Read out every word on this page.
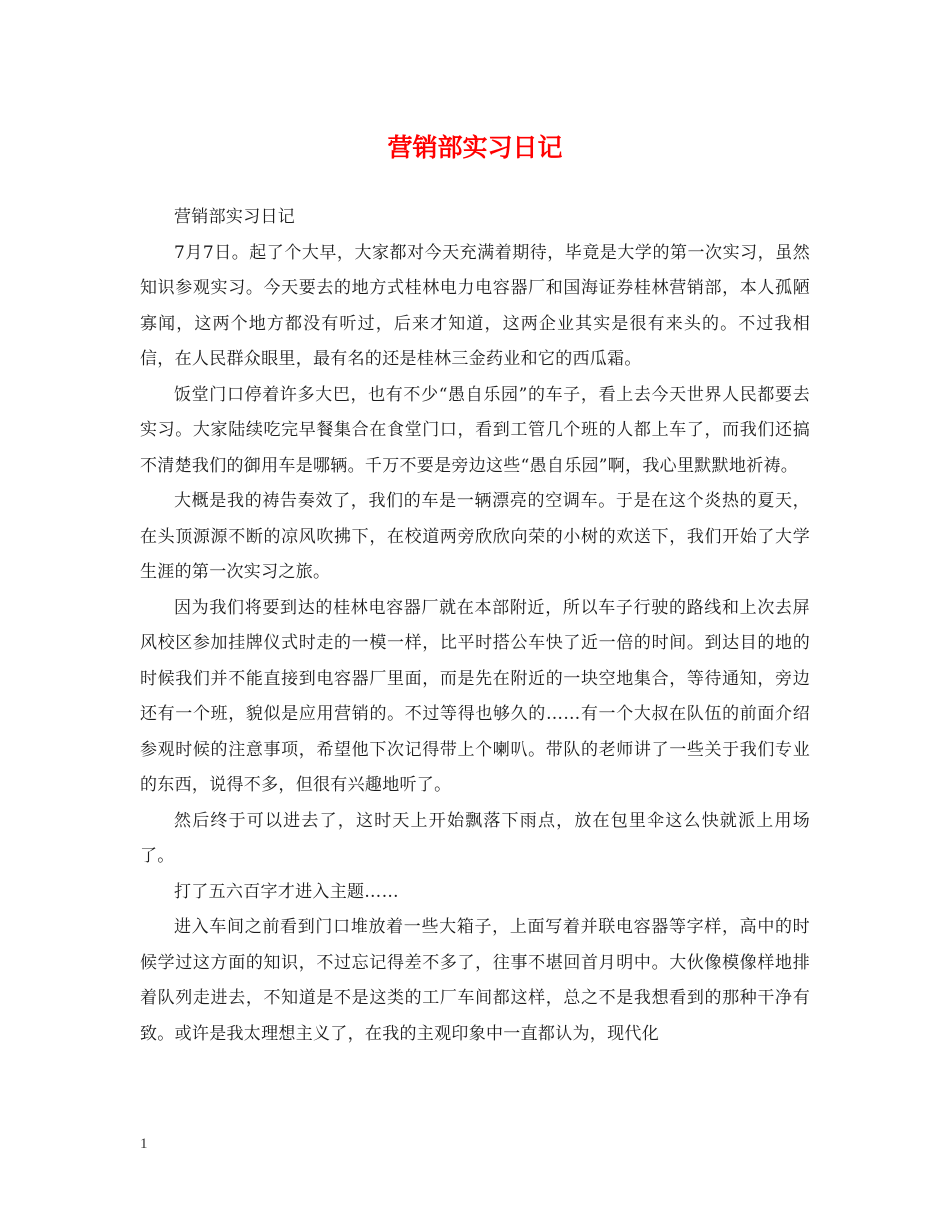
营销部实习日记

营销部实习日记

7月7日。起了个大早，大家都对今天充满着期待，毕竟是大学的第一次实习，虽然知识参观实习。今天要去的地方式桂林电力电容器厂和国海证券桂林营销部，本人孤陋寡闻，这两个地方都没有听过，后来才知道，这两企业其实是很有来头的。不过我相信，在人民群众眼里，最有名的还是桂林三金药业和它的西瓜霜。

饭堂门口停着许多大巴，也有不少“愚自乐园”的车子，看上去今天世界人民都要去实习。大家陆续吃完早餐集合在食堂门口，看到工管几个班的人都上车了，而我们还搞不清楚我们的御用车是哪辆。千万不要是旁边这些“愚自乐园”啊，我心里默默地祈祷。

大概是我的祷告奏效了，我们的车是一辆漂亮的空调车。于是在这个炎热的夏天，在头顶源源不断的凉风吹拂下，在校道两旁欣欣向荣的小树的欢送下，我们开始了大学生涯的第一次实习之旅。

因为我们将要到达的桂林电容器厂就在本部附近，所以车子行驶的路线和上次去屏风校区参加挂牌仪式时走的一模一样，比平时搭公车快了近一倍的时间。到达目的地的时候我们并不能直接到电容器厂里面，而是先在附近的一块空地集合，等待通知，旁边还有一个班，貌似是应用营销的。不过等得也够久的……有一个大叔在队伍的前面介绍参观时候的注意事项，希望他下次记得带上个喇叭。带队的老师讲了一些关于我们专业的东西，说得不多，但很有兴趣地听了。

然后终于可以进去了，这时天上开始飘落下雨点，放在包里伞这么快就派上用场了。

打了五六百字才进入主题……

进入车间之前看到门口堆放着一些大箱子，上面写着并联电容器等字样，高中的时候学过这方面的知识，不过忘记得差不多了，往事不堪回首月明中。大伙像模像样地排着队列走进去，不知道是不是这类的工厂车间都这样，总之不是我想看到的那种干净有致。或许是我太理想主义了，在我的主观印象中一直都认为，现代化

1
